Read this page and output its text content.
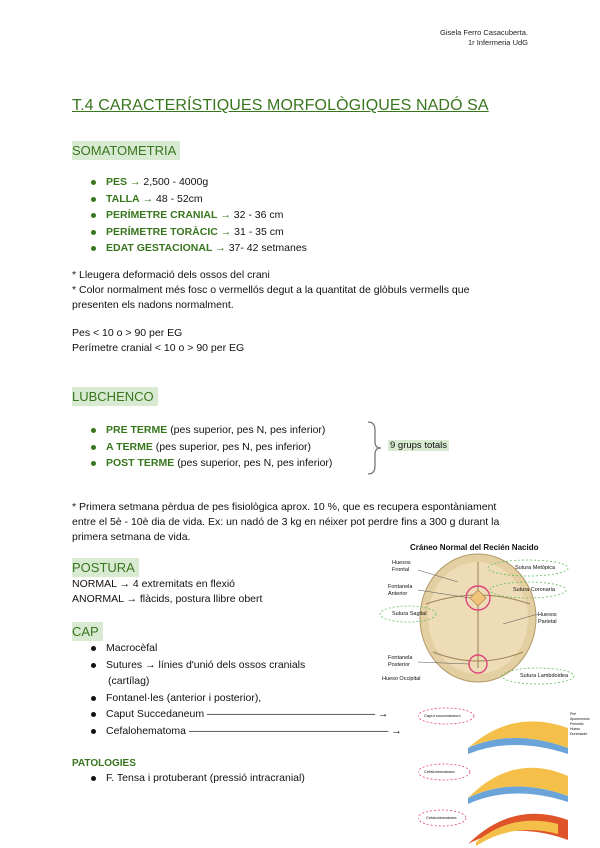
Gisela Ferro Casacuberta.
1r Infermeria UdG
T.4 CARACTERÍSTIQUES MORFOLÒGIQUES NADÓ SA
SOMATOMETRIA
PES → 2,500 - 4000g
TALLA → 48 - 52cm
PERÍMETRE CRANIAL → 32 - 36 cm
PERÍMETRE TORÀCIC → 31 - 35 cm
EDAT GESTACIONAL → 37- 42 setmanes
* Lleugera deformació dels ossos del crani
* Color normalment més fosc o vermellós degut a la quantitat de glòbuls vermells que
presenten els nadons normalment.
Pes < 10 o > 90 per EG
Perímetre cranial < 10 o > 90 per EG
LUBCHENCO
PRE TERME (pes superior, pes N, pes inferior)
A TERME (pes superior, pes N, pes inferior)
POST TERME (pes superior, pes N, pes inferior)
9 grups totals
* Primera setmana pèrdua de pes fisiològica aprox. 10 %, que es recupera espontàniament
entre el 5è - 10è dia de vida. Ex: un nadó de 3 kg en néixer pot perdre fins a 300 g durant la
primera setmana de vida.
POSTURA
NORMAL → 4 extremitats en flexió
ANORMAL → flàcids, postura llibre obert
CAP
Macrocèfal
Sutures → línies d'unió dels ossos cranials
(cartílag)
Fontanel·les (anterior i posterior),
Caput Succedaneum ———————————————— →
Cefalohematoma ——————————————————— →
PATOLOGIES
F. Tensa i protuberant (pressió intracranial)
Cráneo Normal del Recién Nacido
Huesos Frontal
Fontanela Anterior
Sutura Sagital
Fontanela Posterior
Hueso Occipital
Sutura Metópica
Sutura Coronaria
Huesos Parietal
Sutura Lambdoidea
Caput succedaneum
Cefalohematoma
Cefalohematoma
Piel
Aponeurosis
Periostio
Hueso
Duramadre
